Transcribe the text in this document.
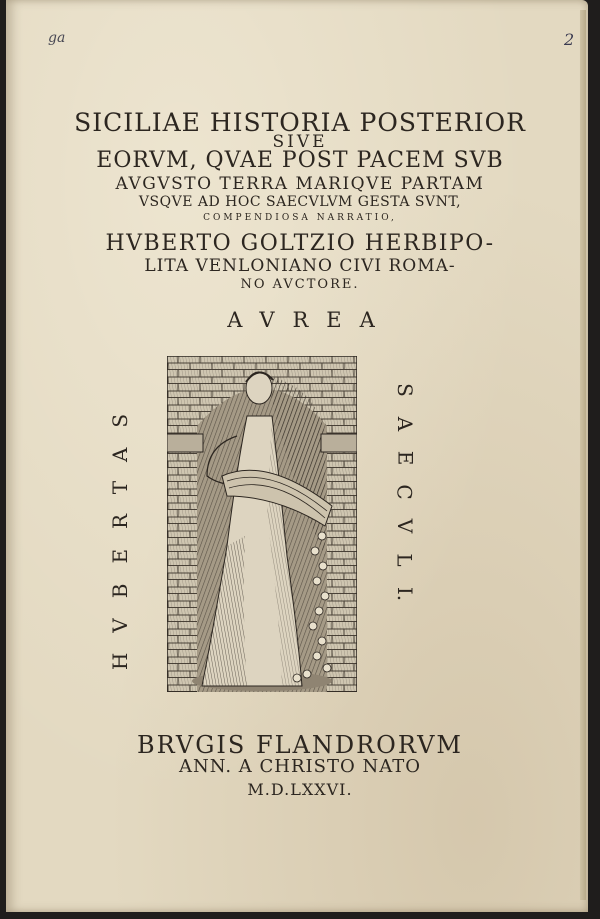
ga	2
SICILIAE HISTORIA POSTERIOR
SIVE
EORVM, QVAE POST PACEM SVB
AVGVSTO TERRA MARIQVE PARTAM
VSQVE AD HOC SAECVLVM GESTA SVNT,
COMPENDIOSA NARRATIO,
HVBERTO GOLTZIO HERBIPO-
LITA VENLONIANO CIVI ROMA-
NO AVCTORE.
AVREA
HVBERTAS
S
A
E
C
V
L
I.
BRVGIS FLANDRORVM
ANN. A CHRISTO NATO
M.D.LXXVI.
